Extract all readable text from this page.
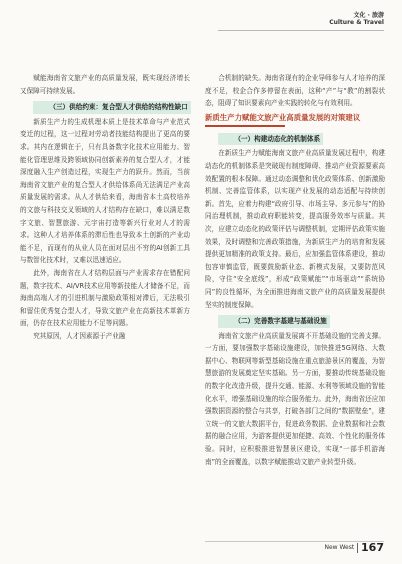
文化 · 旅游
Culture & Travel

赋能海南省文旅产业的高质量发展，既实现经济增长又保障可持续发展。

（三）供给约束：复合型人才供给的结构性缺口

新质生产力的生成机理本质上是技术革命与产业范式变迁的过程，这一过程对劳动者技能结构提出了更高的要求。其内在逻辑在于，只有具备数字化技术应用能力、智能化管理思维及跨领域协同创新素养的复合型人才，才能深度融入生产创造过程，实现生产力的跃升。然而，当前海南省文旅产业的复合型人才供给体系尚无法满足产业高质量发展的需求。从人才供给来看，海南省本土高校培养的文旅与科技交叉领域的人才结构存在缺口，难以满足数字文旅、智慧旅游、元宇宙打造等新兴行业对人才的需求。这种人才培养体系的滞后性也导致本土创新的产业动能不足，而现有的从业人员在面对层出不穷的AI创新工具与数智化技术时，又难以迅速适应。

此外，海南省在人才结构层面与产业需求存在错配问题，数字技术、AI/VR技术应用等新技能人才储备不足，而海南高端人才的引进机制与激励政策相对滞后，无法吸引和留住优秀复合型人才，导致文旅产业在高新技术革新方面，仍存在技术应用能力不足等问题。

究其原因，人才因素源于产业融

合机制的缺失。海南省现有的企业导师参与人才培养的深度不足，校企合作多停留在表面，这种“产”与“教”的割裂状态，阻碍了知识要素向产业实践的转化与有效利用。

新质生产力赋能文旅产业高质量发展的对策建议
（一）构建动态化的机制体系

在新质生产力赋能海南文旅产业高质量发展过程中，构建动态化的机制体系是突破现有制度障碍、推动产业资源要素高效配置的根本保障。通过动态调整和优化政策体系、创新激励机制、完善监管体系，以实现产业发展的动态适配与持续创新。首先，应着力构建“政府引导、市场主导、多元参与”的协同治理机制，推动政府职能转变，提高服务效率与质量。其次，应建立动态化的政策评估与调整机制，定期评估政策实施效果，及时调整和完善政策措施，为新质生产力的培育和发展提供更加精准的政策支持。最后，应加强监管体系建设，推动包容审慎监管，既要鼓励新业态、新模式发展，又要防范风险，守住“安全底线”，形成“政策赋能”“市场驱动”“系统协同”的良性循环，为全面推进海南文旅产业的高质量发展提供坚实的制度保障。

（二）完善数字基建与基础设施

海南省文旅产业高质量发展离不开基础设施的完善支撑。一方面，要加强数字基础设施建设，加快推进5G网络、大数据中心、物联网等新型基础设施在重点旅游景区的覆盖，为智慧旅游的发展奠定坚实基础。另一方面，要推动传统基础设施的数字化改造升级，提升交通、能源、水利等领域设施的智能化水平，增强基础设施的综合服务能力。此外，海南省还应加强数据资源的整合与共享，打破各部门之间的“数据壁垒”，建立统一的文旅大数据平台，促进政务数据、企业数据和社会数据的融合应用，为游客提供更加便捷、高效、个性化的服务体验。同时，应积极推进智慧景区建设，实现“一部手机游海南”的全面覆盖，以数字赋能推动文旅产业转型升级。

New West 167
